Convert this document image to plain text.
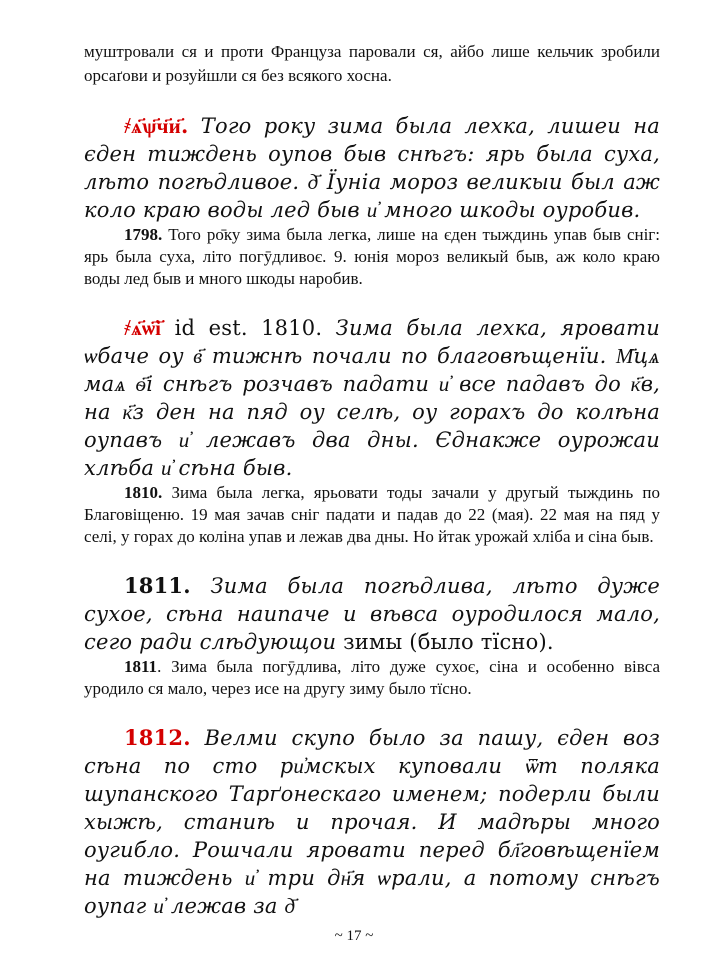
муштровали ся и проти Француза паровали ся, айбо лише кельчик зробили орсаґови и розуйшли ся без всякого хосна.

҂ѧ҃ѱ҃ч҃и҃. Того року зима была лехка, лишеи на єден тиждень оупов быв снѣгъ: ярь была суха, лѣто погѣдливое. д҃ Їуніа мороз великыи был аж коло краю воды лед быв и҆ много шкоды оуробив.

1798. Того ро̄ку зима была легка, лише на єден тыждинь упав быв сніг: ярь была суха, літо погӯдливоє. 9. юнія мороз великый быв, аж коло краю воды лед быв и много шкоды наробив.

҂ѧ҃ѡ҃і҃ id est. 1810. Зима была лехка, яровати ѡбаче оу в҃ тижнѣ почали по благовѣщенїи. М҃цѧ маѧ ѳ҃і снѣгъ розчавъ падати и҆ все падавъ до к҃в, на к҃з ден на пяд оу селѣ, оу горахъ до колѣна оупавъ и҆ лежавъ два дны. Єднакже оурожаи хлѣба и҆ сѣна быв.

1810. Зима была легка, ярьовати тоды зачали у другый тыждинь по Благовіщеню. 19 мая зачав сніг падати и падав до 22 (мая). 22 мая на пяд у селі, у горах до коліна упав и лежав два дны. Но йтак урожай хліба и сіна быв.

1811. Зима была погѣдлива, лѣто дуже сухое, сѣна наипаче и вѣвса оуродилося мало, сего ради слѣдующои зимы (было тїсно).

1811. Зима была погӯдлива, літо дуже сухоє, сіна и особенно вівса уродило ся мало, через исе на другу зиму было тїсно.

1812. Велми скупо было за пашу, єден воз сѣна по сто ри҆мскых куповали ѿт поляка шупанского Тарґонескаго именем; подерли были хыжѣ, станиѣ и прочая. И мадѣры много оугибло. Рошчали яровати перед бл҃говѣщенїем на тиждень и҆ три дн҃я ѡрали, а потому снѣгъ оупаг и҆ лежав за д҃

~ 17 ~
